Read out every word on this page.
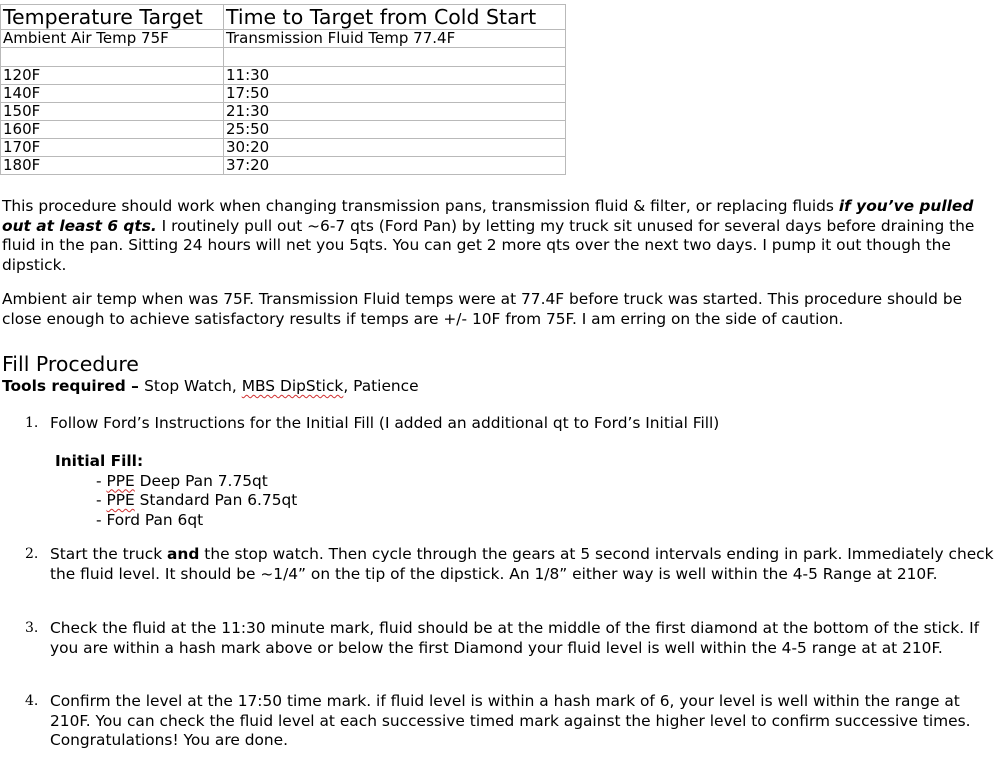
Temperature Target	Time to Target from Cold Start
Ambient Air Temp 75F	Transmission Fluid Temp 77.4F

120F	11:30
140F	17:50
150F	21:30
160F	25:50
170F	30:20
180F	37:20

This procedure should work when changing transmission pans, transmission fluid & filter, or replacing fluids if you’ve pulled out at least 6 qts. I routinely pull out ~6-7 qts (Ford Pan) by letting my truck sit unused for several days before draining the fluid in the pan. Sitting 24 hours will net you 5qts. You can get 2 more qts over the next two days. I pump it out though the dipstick.

Ambient air temp when was 75F. Transmission Fluid temps were at 77.4F before truck was started. This procedure should be close enough to achieve satisfactory results if temps are +/- 10F from 75F. I am erring on the side of caution.

Fill Procedure
Tools required – Stop Watch, MBS DipStick, Patience
1. Follow Ford’s Instructions for the Initial Fill (I added an additional qt to Ford’s Initial Fill)
Initial Fill:
- PPE Deep Pan 7.75qt
- PPE Standard Pan 6.75qt
- Ford Pan 6qt
2. Start the truck and the stop watch. Then cycle through the gears at 5 second intervals ending in park. Immediately check the fluid level. It should be ~1/4” on the tip of the dipstick. An 1/8” either way is well within the 4-5 Range at 210F.
3. Check the fluid at the 11:30 minute mark, fluid should be at the middle of the first diamond at the bottom of the stick. If you are within a hash mark above or below the first Diamond your fluid level is well within the 4-5 range at at 210F.
4. Confirm the level at the 17:50 time mark. if fluid level is within a hash mark of 6, your level is well within the range at 210F. You can check the fluid level at each successive timed mark against the higher level to confirm successive times. Congratulations! You are done.
